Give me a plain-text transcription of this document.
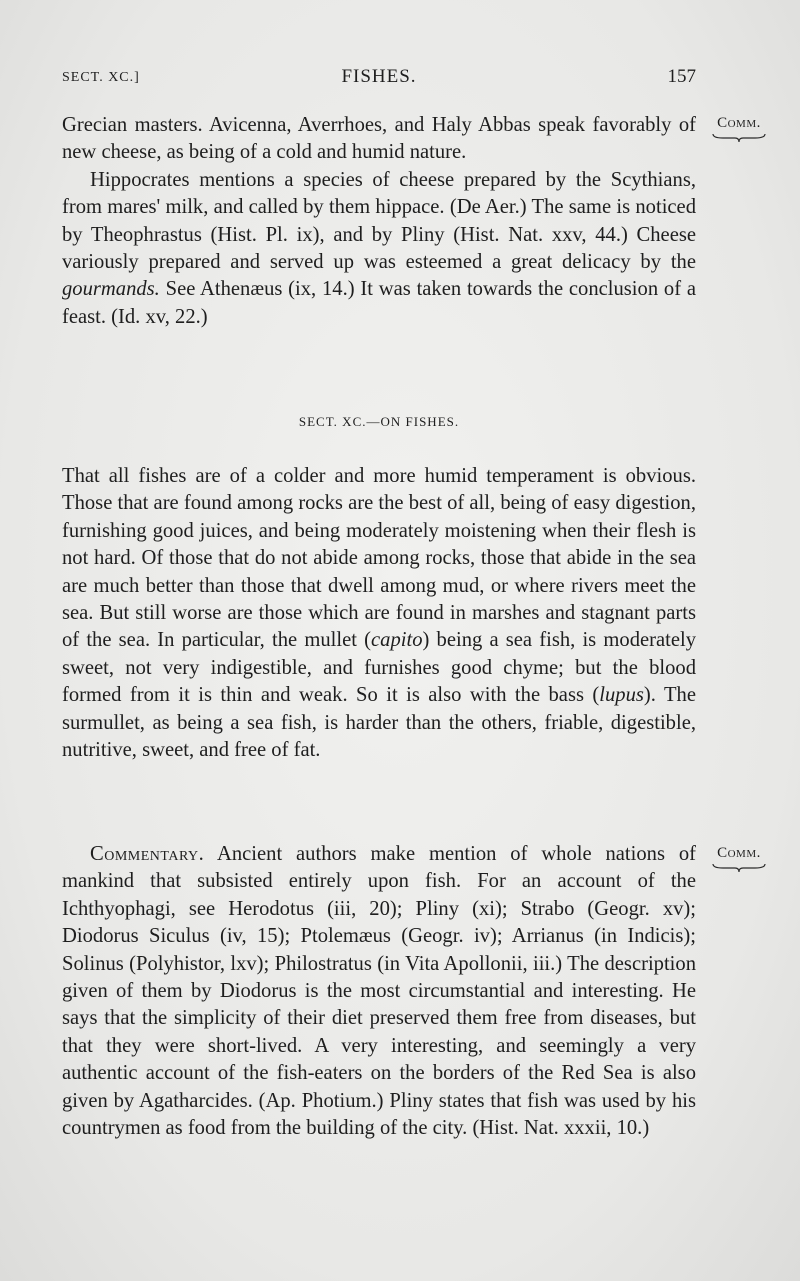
SECT. XC.]	FISHES.	157

Grecian masters. Avicenna, Averrhoes, and Haly Abbas speak favorably of new cheese, as being of a cold and humid nature.

Hippocrates mentions a species of cheese prepared by the Scythians, from mares' milk, and called by them hippace. (De Aer.) The same is noticed by Theophrastus (Hist. Pl. ix), and by Pliny (Hist. Nat. xxv, 44.) Cheese variously prepared and served up was esteemed a great delicacy by the gourmands. See Athenæus (ix, 14.) It was taken towards the conclusion of a feast. (Id. xv, 22.)

SECT. XC.—ON FISHES.

That all fishes are of a colder and more humid temperament is obvious. Those that are found among rocks are the best of all, being of easy digestion, furnishing good juices, and being moderately moistening when their flesh is not hard. Of those that do not abide among rocks, those that abide in the sea are much better than those that dwell among mud, or where rivers meet the sea. But still worse are those which are found in marshes and stagnant parts of the sea. In particular, the mullet (capito) being a sea fish, is moderately sweet, not very indigestible, and furnishes good chyme; but the blood formed from it is thin and weak. So it is also with the bass (lupus). The surmullet, as being a sea fish, is harder than the others, friable, digestible, nutritive, sweet, and free of fat.

Commentary. Ancient authors make mention of whole nations of mankind that subsisted entirely upon fish. For an account of the Ichthyophagi, see Herodotus (iii, 20); Pliny (xi); Strabo (Geogr. xv); Diodorus Siculus (iv, 15); Ptolemæus (Geogr. iv); Arrianus (in Indicis); Solinus (Polyhistor, lxv); Philostratus (in Vita Apollonii, iii.) The description given of them by Diodorus is the most circumstantial and interesting. He says that the simplicity of their diet preserved them free from diseases, but that they were short-lived. A very interesting, and seemingly a very authentic account of the fish-eaters on the borders of the Red Sea is also given by Agatharcides. (Ap. Photium.) Pliny states that fish was used by his countrymen as food from the building of the city. (Hist. Nat. xxxii, 10.)

Comm.
Comm.
